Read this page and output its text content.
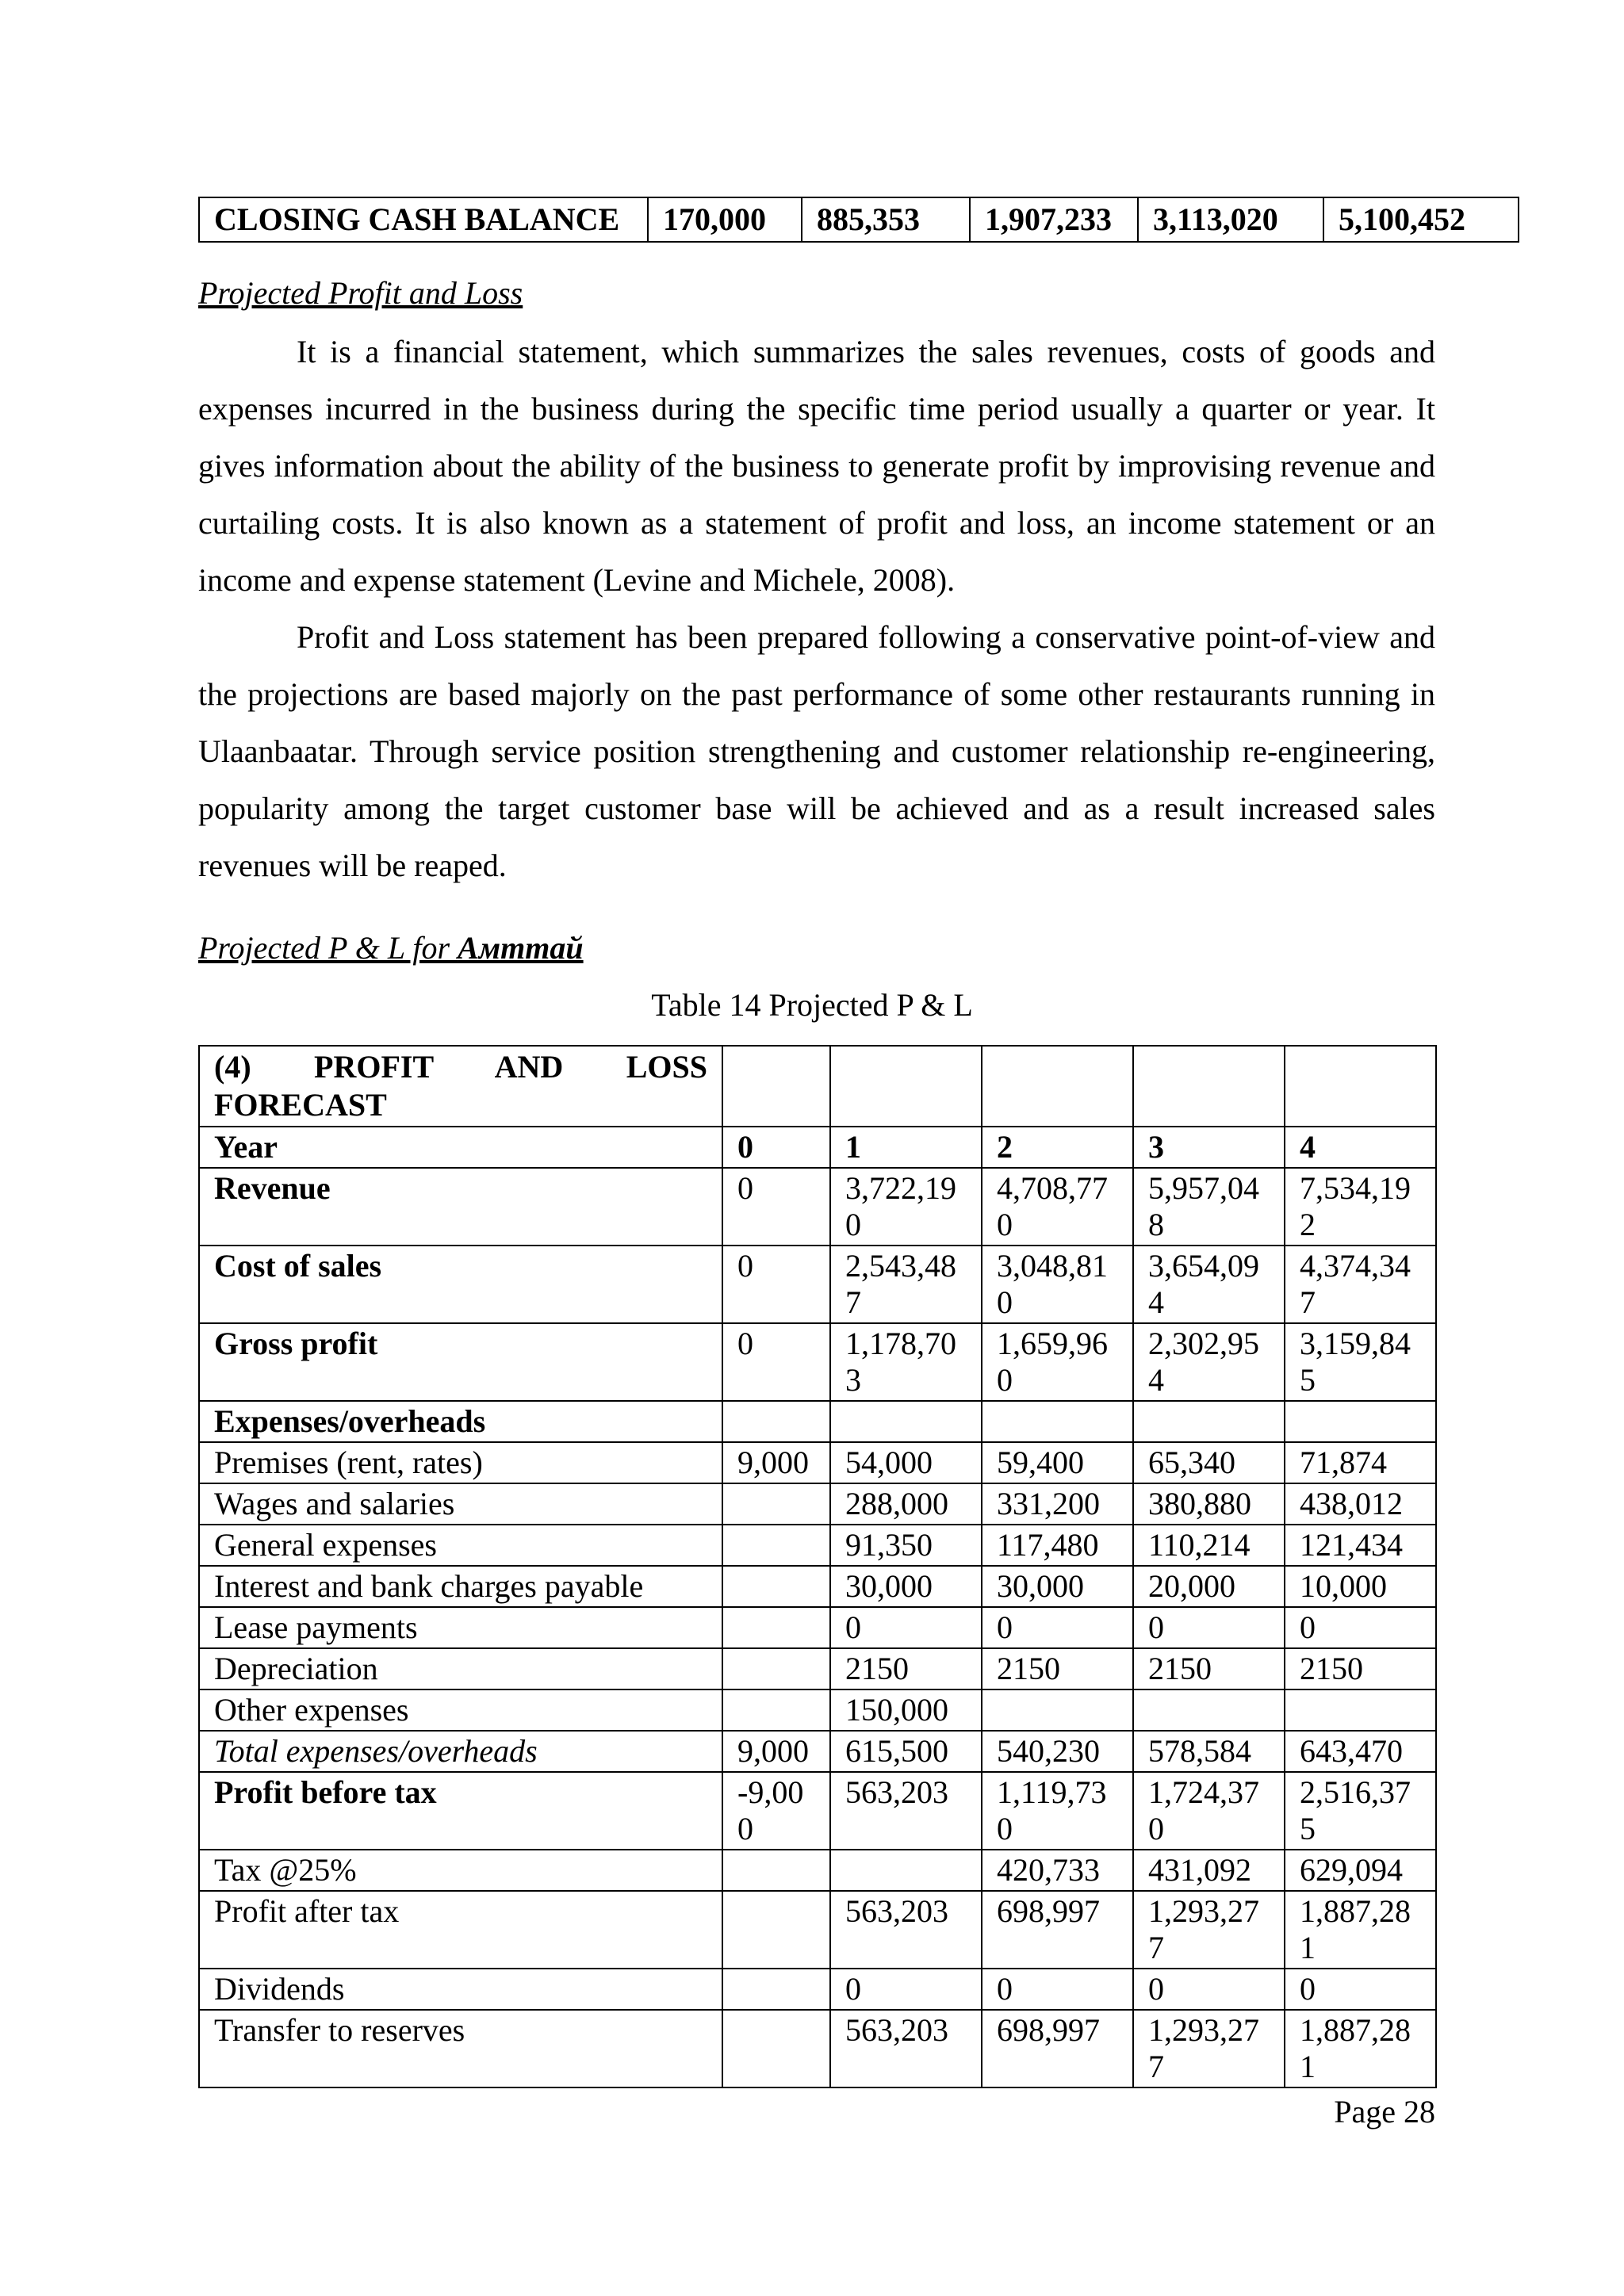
CLOSING CASH BALANCE	170,000	885,353	1,907,233	3,113,020	5,100,452
Projected Profit and Loss

It is a financial statement, which summarizes the sales revenues, costs of goods and expenses incurred in the business during the specific time period usually a quarter or year. It gives information about the ability of the business to generate profit by improvising revenue and curtailing costs. It is also known as a statement of profit and loss, an income statement or an income and expense statement (Levine and Michele, 2008).

Profit and Loss statement has been prepared following a conservative point-of-view and the projections are based majorly on the past performance of some other restaurants running in Ulaanbaatar. Through service position strengthening and customer relationship re-engineering, popularity among the target customer base will be achieved and as a result increased sales revenues will be reaped.

Projected P & L for Амттай
Table 14 Projected P & L
(4) PROFIT AND LOSS
FORECAST					
Year	0	1	2	3	4
Revenue	0	3,722,190	4,708,770	5,957,048	7,534,192
Cost of sales	0	2,543,487	3,048,810	3,654,094	4,374,347
Gross profit	0	1,178,703	1,659,960	2,302,954	3,159,845
Expenses/overheads					
Premises (rent, rates)	9,000	54,000	59,400	65,340	71,874
Wages and salaries		288,000	331,200	380,880	438,012
General expenses		91,350	117,480	110,214	121,434
Interest and bank charges payable		30,000	30,000	20,000	10,000
Lease payments		0	0	0	0
Depreciation		2150	2150	2150	2150
Other expenses		150,000			
Total expenses/overheads	9,000	615,500	540,230	578,584	643,470
Profit before tax	-9,000	563,203	1,119,730	1,724,370	2,516,375
Tax @25%			420,733	431,092	629,094
Profit after tax		563,203	698,997	1,293,277	1,887,281
Dividends		0	0	0	0
Transfer to reserves		563,203	698,997	1,293,277	1,887,281
Page 28
